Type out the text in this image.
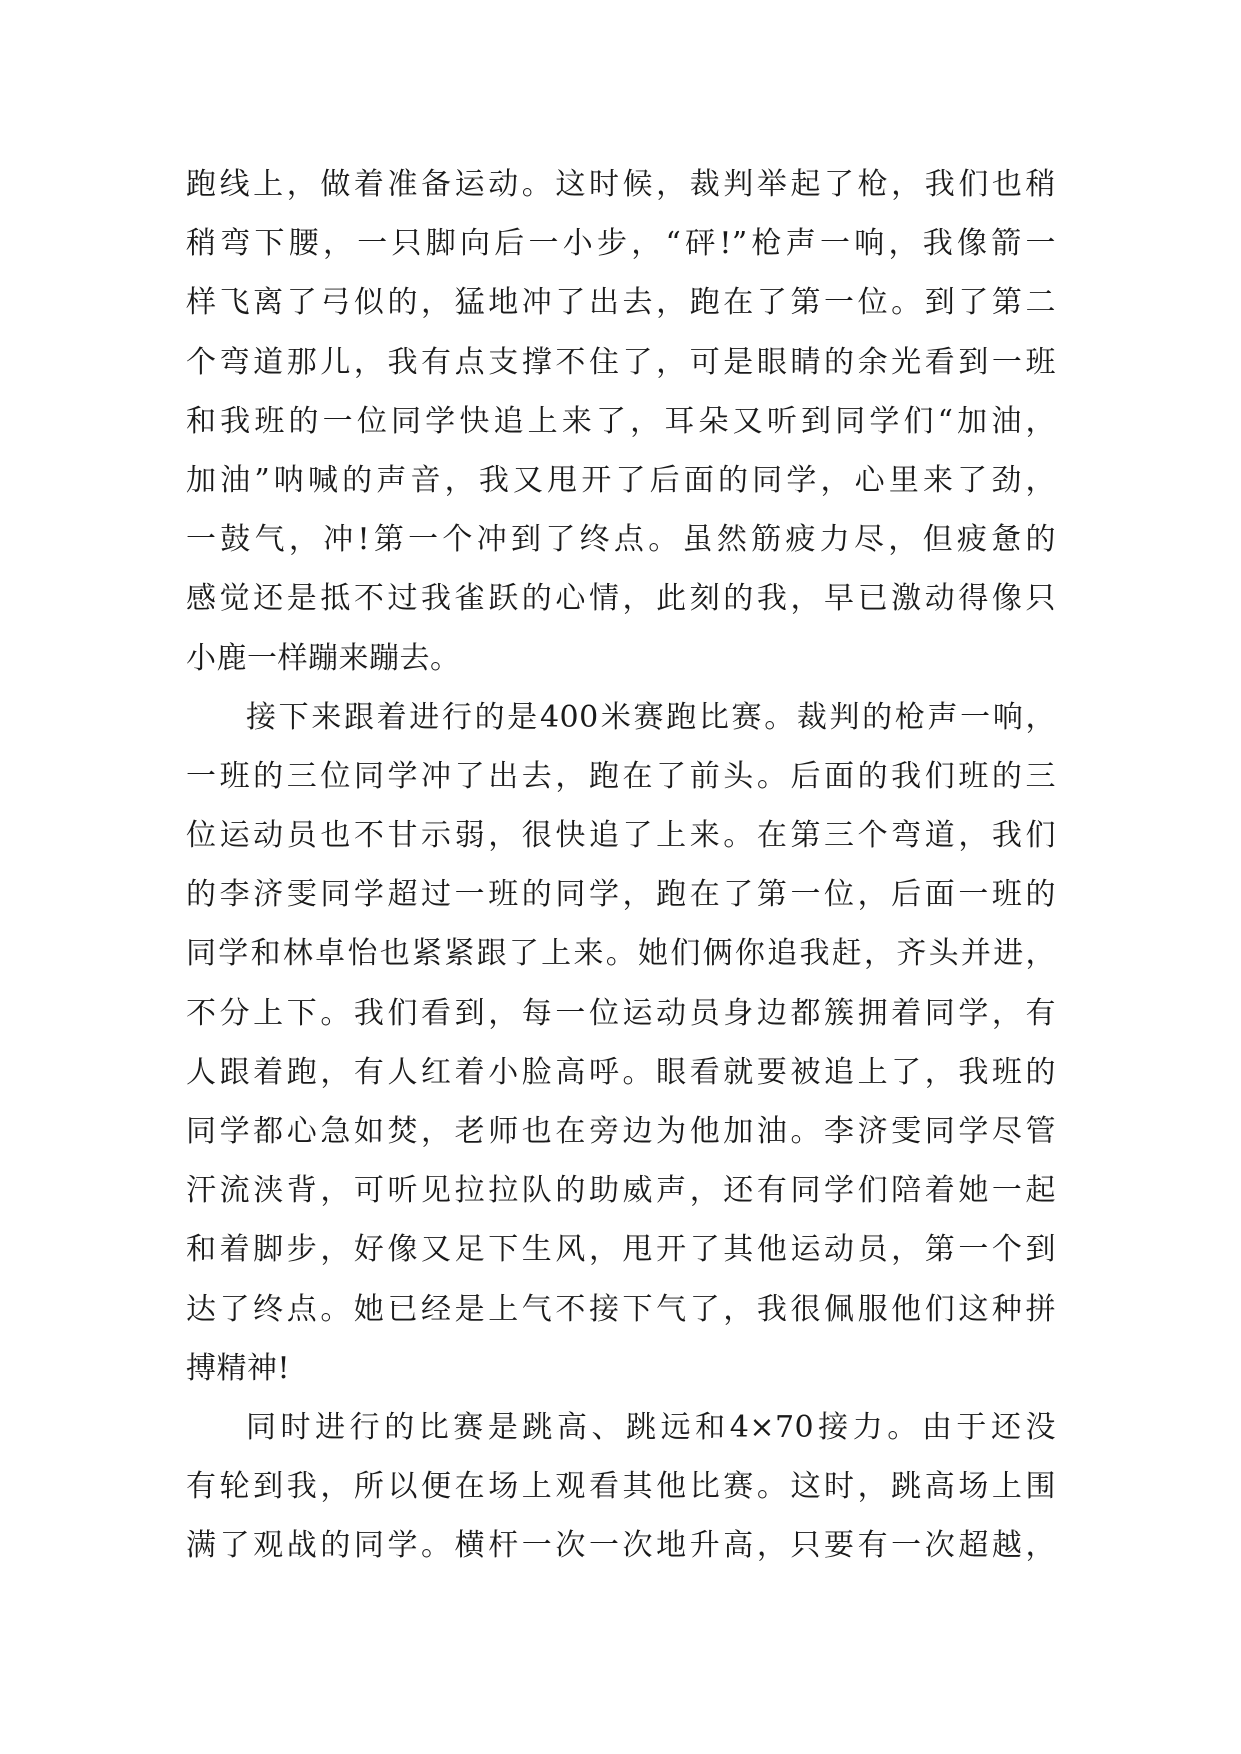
跑线上，做着准备运动。这时候，裁判举起了枪，我们也稍
稍弯下腰，一只脚向后一小步，“砰!”枪声一响，我像箭一
样飞离了弓似的，猛地冲了出去，跑在了第一位。到了第二
个弯道那儿，我有点支撑不住了，可是眼睛的余光看到一班
和我班的一位同学快追上来了，耳朵又听到同学们“加油，
加油”呐喊的声音，我又甩开了后面的同学，心里来了劲，
一鼓气，冲!第一个冲到了终点。虽然筋疲力尽，但疲惫的
感觉还是抵不过我雀跃的心情，此刻的我，早已激动得像只
小鹿一样蹦来蹦去。
接下来跟着进行的是400米赛跑比赛。裁判的枪声一响，
一班的三位同学冲了出去，跑在了前头。后面的我们班的三
位运动员也不甘示弱，很快追了上来。在第三个弯道，我们
的李济雯同学超过一班的同学，跑在了第一位，后面一班的
同学和林卓怡也紧紧跟了上来。她们俩你追我赶，齐头并进，
不分上下。我们看到，每一位运动员身边都簇拥着同学，有
人跟着跑，有人红着小脸高呼。眼看就要被追上了，我班的
同学都心急如焚，老师也在旁边为他加油。李济雯同学尽管
汗流浃背，可听见拉拉队的助威声，还有同学们陪着她一起
和着脚步，好像又足下生风，甩开了其他运动员，第一个到
达了终点。她已经是上气不接下气了，我很佩服他们这种拼
搏精神!
同时进行的比赛是跳高、跳远和4×70接力。由于还没
有轮到我，所以便在场上观看其他比赛。这时，跳高场上围
满了观战的同学。横杆一次一次地升高，只要有一次超越，
